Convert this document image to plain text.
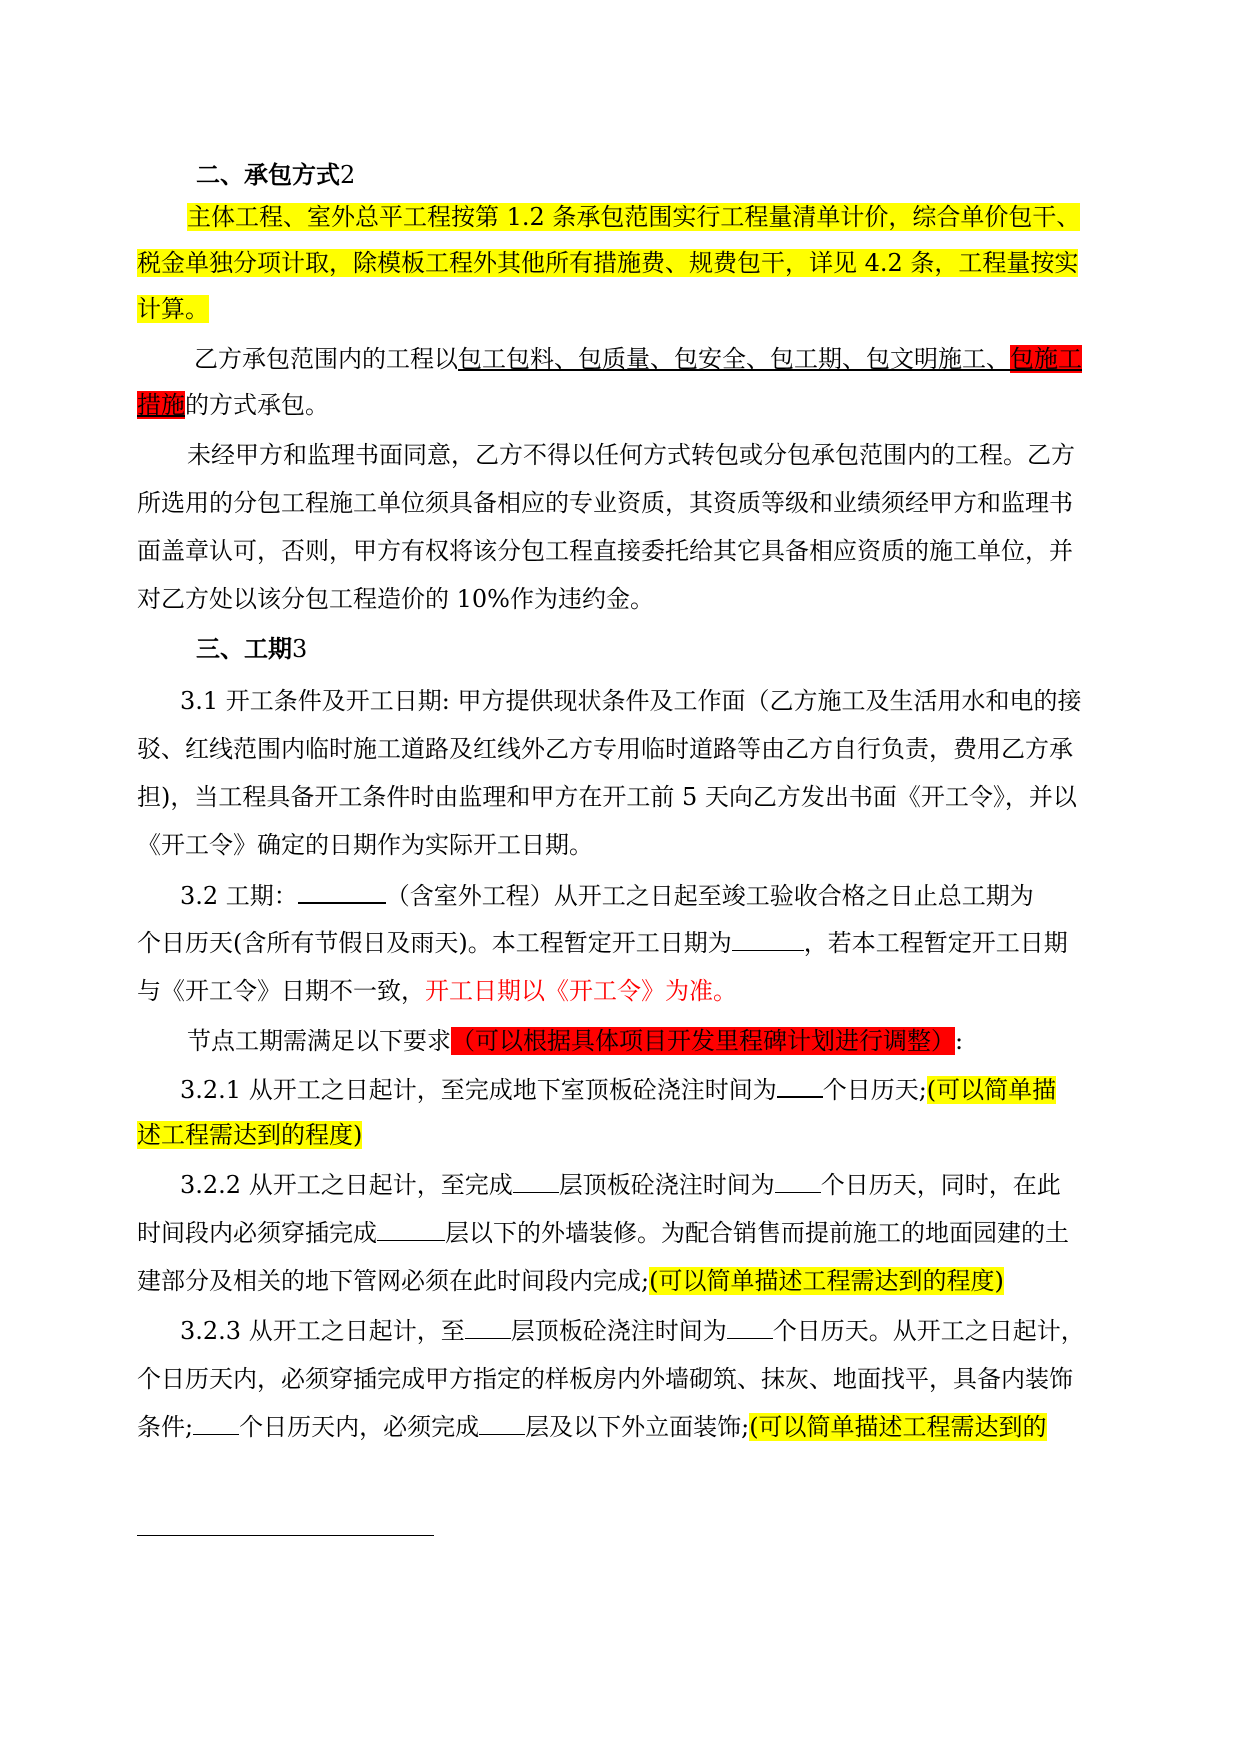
二、承包方式2
主体工程、室外总平工程按第 1.2 条承包范围实行工程量清单计价，综合单价包干、
税金单独分项计取，除模板工程外其他所有措施费、规费包干，详见 4.2 条，工程量按实
计算。
乙方承包范围内的工程以包工包料、包质量、包安全、包工期、包文明施工、包施工
措施的方式承包。
未经甲方和监理书面同意，乙方不得以任何方式转包或分包承包范围内的工程。乙方
所选用的分包工程施工单位须具备相应的专业资质，其资质等级和业绩须经甲方和监理书
面盖章认可，否则，甲方有权将该分包工程直接委托给其它具备相应资质的施工单位，并
对乙方处以该分包工程造价的 10%作为违约金。
三、工期3
3.1 开工条件及开工日期: 甲方提供现状条件及工作面（乙方施工及生活用水和电的接
驳、红线范围内临时施工道路及红线外乙方专用临时道路等由乙方自行负责，费用乙方承
担)，当工程具备开工条件时由监理和甲方在开工前 5 天向乙方发出书面《开工令》，并以
《开工令》确定的日期作为实际开工日期。
3.2 工期：	（含室外工程）从开工之日起至竣工验收合格之日止总工期为
个日历天(含所有节假日及雨天)。本工程暂定开工日期为	，若本工程暂定开工日期
与《开工令》日期不一致，开工日期以《开工令》为准。
节点工期需满足以下要求（可以根据具体项目开发里程碑计划进行调整）:
3.2.1 从开工之日起计，至完成地下室顶板砼浇注时间为 个日历天;(可以简单描
述工程需达到的程度)
3.2.2 从开工之日起计，至完成 层顶板砼浇注时间为 个日历天，同时，在此
时间段内必须穿插完成	层以下的外墙装修。为配合销售而提前施工的地面园建的土
建部分及相关的地下管网必须在此时间段内完成;(可以简单描述工程需达到的程度)
3.2.3 从开工之日起计，至 层顶板砼浇注时间为 个日历天。从开工之日起计，
个日历天内，必须穿插完成甲方指定的样板房内外墙砌筑、抹灰、地面找平，具备内装饰
条件; 个日历天内，必须完成 层及以下外立面装饰;(可以简单描述工程需达到的
